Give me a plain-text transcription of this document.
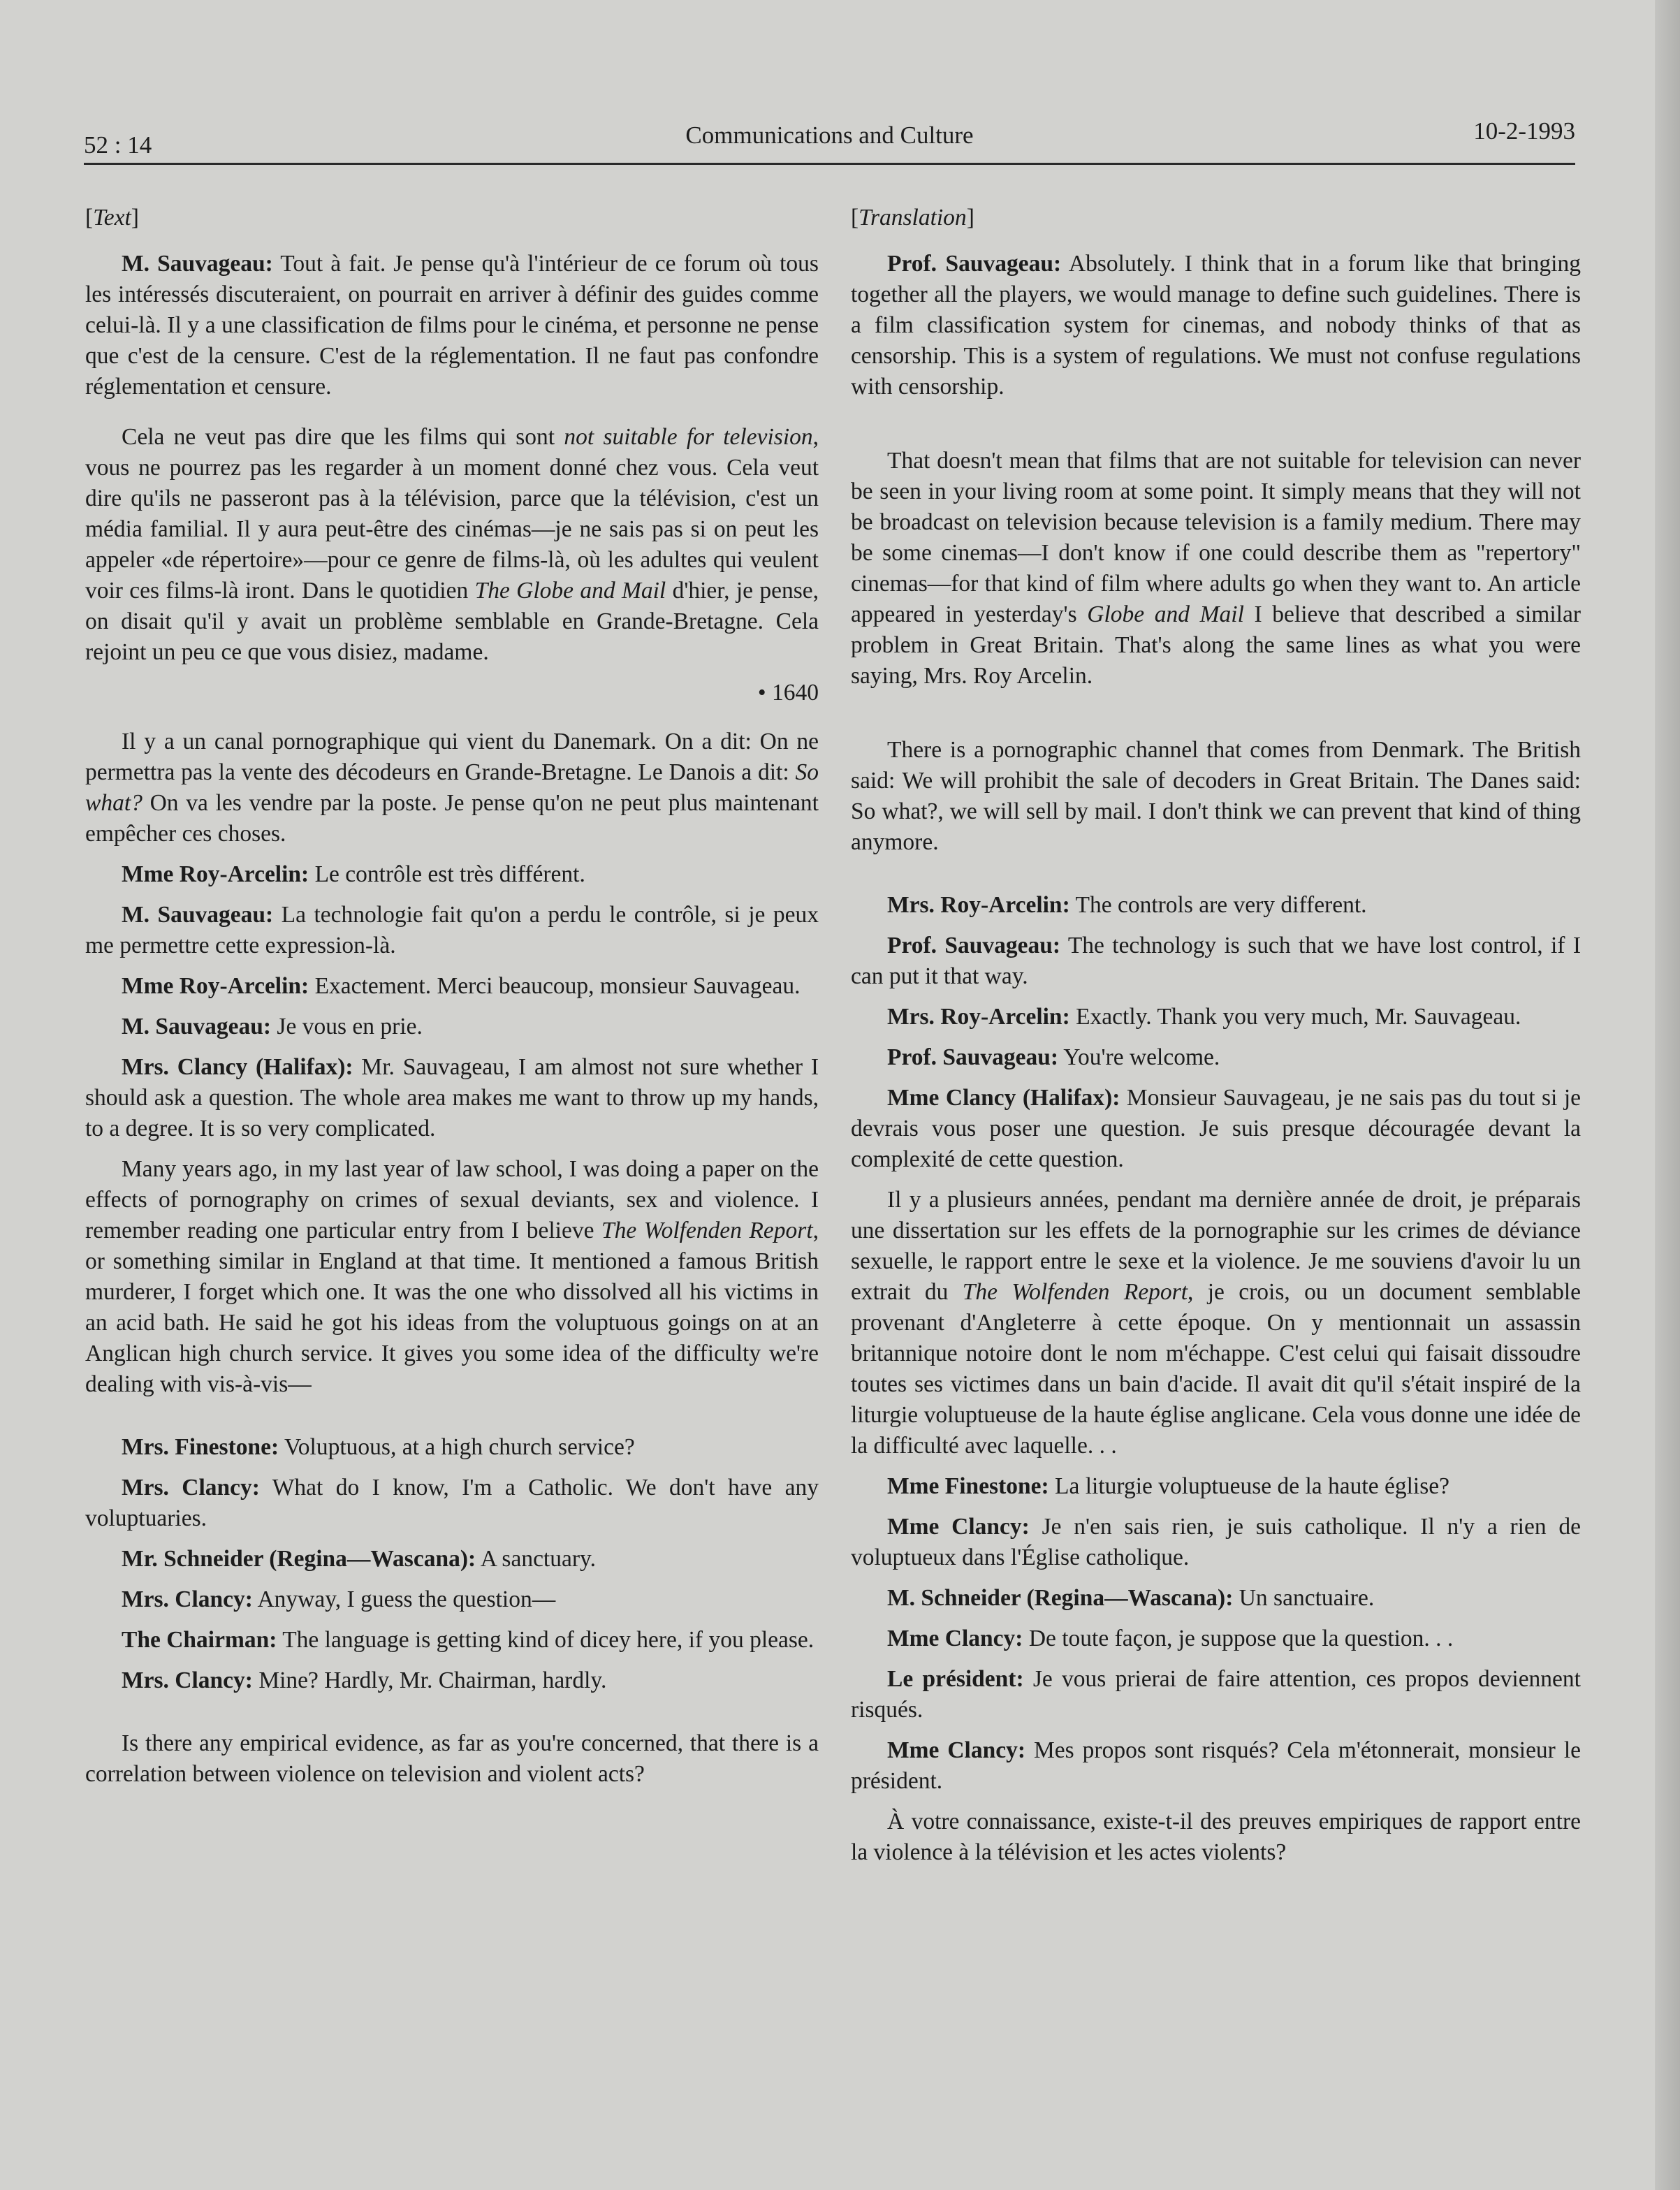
52 : 14	Communications and Culture	10-2-1993

[Text]

M. Sauvageau: Tout à fait. Je pense qu'à l'intérieur de ce forum où tous les intéressés discuteraient, on pourrait en arriver à définir des guides comme celui-là. Il y a une classification de films pour le cinéma, et personne ne pense que c'est de la censure. C'est de la réglementation. Il ne faut pas confondre réglementation et censure.

Cela ne veut pas dire que les films qui sont not suitable for television, vous ne pourrez pas les regarder à un moment donné chez vous. Cela veut dire qu'ils ne passeront pas à la télévision, parce que la télévision, c'est un média familial. Il y aura peut-être des cinémas—je ne sais pas si on peut les appeler «de répertoire»—pour ce genre de films-là, où les adultes qui veulent voir ces films-là iront. Dans le quotidien The Globe and Mail d'hier, je pense, on disait qu'il y avait un problème semblable en Grande-Bretagne. Cela rejoint un peu ce que vous disiez, madame.

• 1640

Il y a un canal pornographique qui vient du Danemark. On a dit: On ne permettra pas la vente des décodeurs en Grande-Bretagne. Le Danois a dit: So what? On va les vendre par la poste. Je pense qu'on ne peut plus maintenant empêcher ces choses.

Mme Roy-Arcelin: Le contrôle est très différent.

M. Sauvageau: La technologie fait qu'on a perdu le contrôle, si je peux me permettre cette expression-là.

Mme Roy-Arcelin: Exactement. Merci beaucoup, monsieur Sauvageau.

M. Sauvageau: Je vous en prie.

Mrs. Clancy (Halifax): Mr. Sauvageau, I am almost not sure whether I should ask a question. The whole area makes me want to throw up my hands, to a degree. It is so very complicated.

Many years ago, in my last year of law school, I was doing a paper on the effects of pornography on crimes of sexual deviants, sex and violence. I remember reading one particular entry from I believe The Wolfenden Report, or something similar in England at that time. It mentioned a famous British murderer, I forget which one. It was the one who dissolved all his victims in an acid bath. He said he got his ideas from the voluptuous goings on at an Anglican high church service. It gives you some idea of the difficulty we're dealing with vis-à-vis—

Mrs. Finestone: Voluptuous, at a high church service?

Mrs. Clancy: What do I know, I'm a Catholic. We don't have any voluptuaries.

Mr. Schneider (Regina—Wascana): A sanctuary.

Mrs. Clancy: Anyway, I guess the question—

The Chairman: The language is getting kind of dicey here, if you please.

Mrs. Clancy: Mine? Hardly, Mr. Chairman, hardly.

Is there any empirical evidence, as far as you're concerned, that there is a correlation between violence on television and violent acts?

[Translation]

Prof. Sauvageau: Absolutely. I think that in a forum like that bringing together all the players, we would manage to define such guidelines. There is a film classification system for cinemas, and nobody thinks of that as censorship. This is a system of regulations. We must not confuse regulations with censorship.

That doesn't mean that films that are not suitable for television can never be seen in your living room at some point. It simply means that they will not be broadcast on television because television is a family medium. There may be some cinemas—I don't know if one could describe them as "repertory" cinemas—for that kind of film where adults go when they want to. An article appeared in yesterday's Globe and Mail I believe that described a similar problem in Great Britain. That's along the same lines as what you were saying, Mrs. Roy Arcelin.

There is a pornographic channel that comes from Denmark. The British said: We will prohibit the sale of decoders in Great Britain. The Danes said: So what?, we will sell by mail. I don't think we can prevent that kind of thing anymore.

Mrs. Roy-Arcelin: The controls are very different.

Prof. Sauvageau: The technology is such that we have lost control, if I can put it that way.

Mrs. Roy-Arcelin: Exactly. Thank you very much, Mr. Sauvageau.

Prof. Sauvageau: You're welcome.

Mme Clancy (Halifax): Monsieur Sauvageau, je ne sais pas du tout si je devrais vous poser une question. Je suis presque découragée devant la complexité de cette question.

Il y a plusieurs années, pendant ma dernière année de droit, je préparais une dissertation sur les effets de la pornographie sur les crimes de déviance sexuelle, le rapport entre le sexe et la violence. Je me souviens d'avoir lu un extrait du The Wolfenden Report, je crois, ou un document semblable provenant d'Angleterre à cette époque. On y mentionnait un assassin britannique notoire dont le nom m'échappe. C'est celui qui faisait dissoudre toutes ses victimes dans un bain d'acide. Il avait dit qu'il s'était inspiré de la liturgie voluptueuse de la haute église anglicane. Cela vous donne une idée de la difficulté avec laquelle. . .

Mme Finestone: La liturgie voluptueuse de la haute église?

Mme Clancy: Je n'en sais rien, je suis catholique. Il n'y a rien de voluptueux dans l'Église catholique.

M. Schneider (Regina—Wascana): Un sanctuaire.

Mme Clancy: De toute façon, je suppose que la question. . .

Le président: Je vous prierai de faire attention, ces propos deviennent risqués.

Mme Clancy: Mes propos sont risqués? Cela m'étonnerait, monsieur le président.

À votre connaissance, existe-t-il des preuves empiriques de rapport entre la violence à la télévision et les actes violents?
